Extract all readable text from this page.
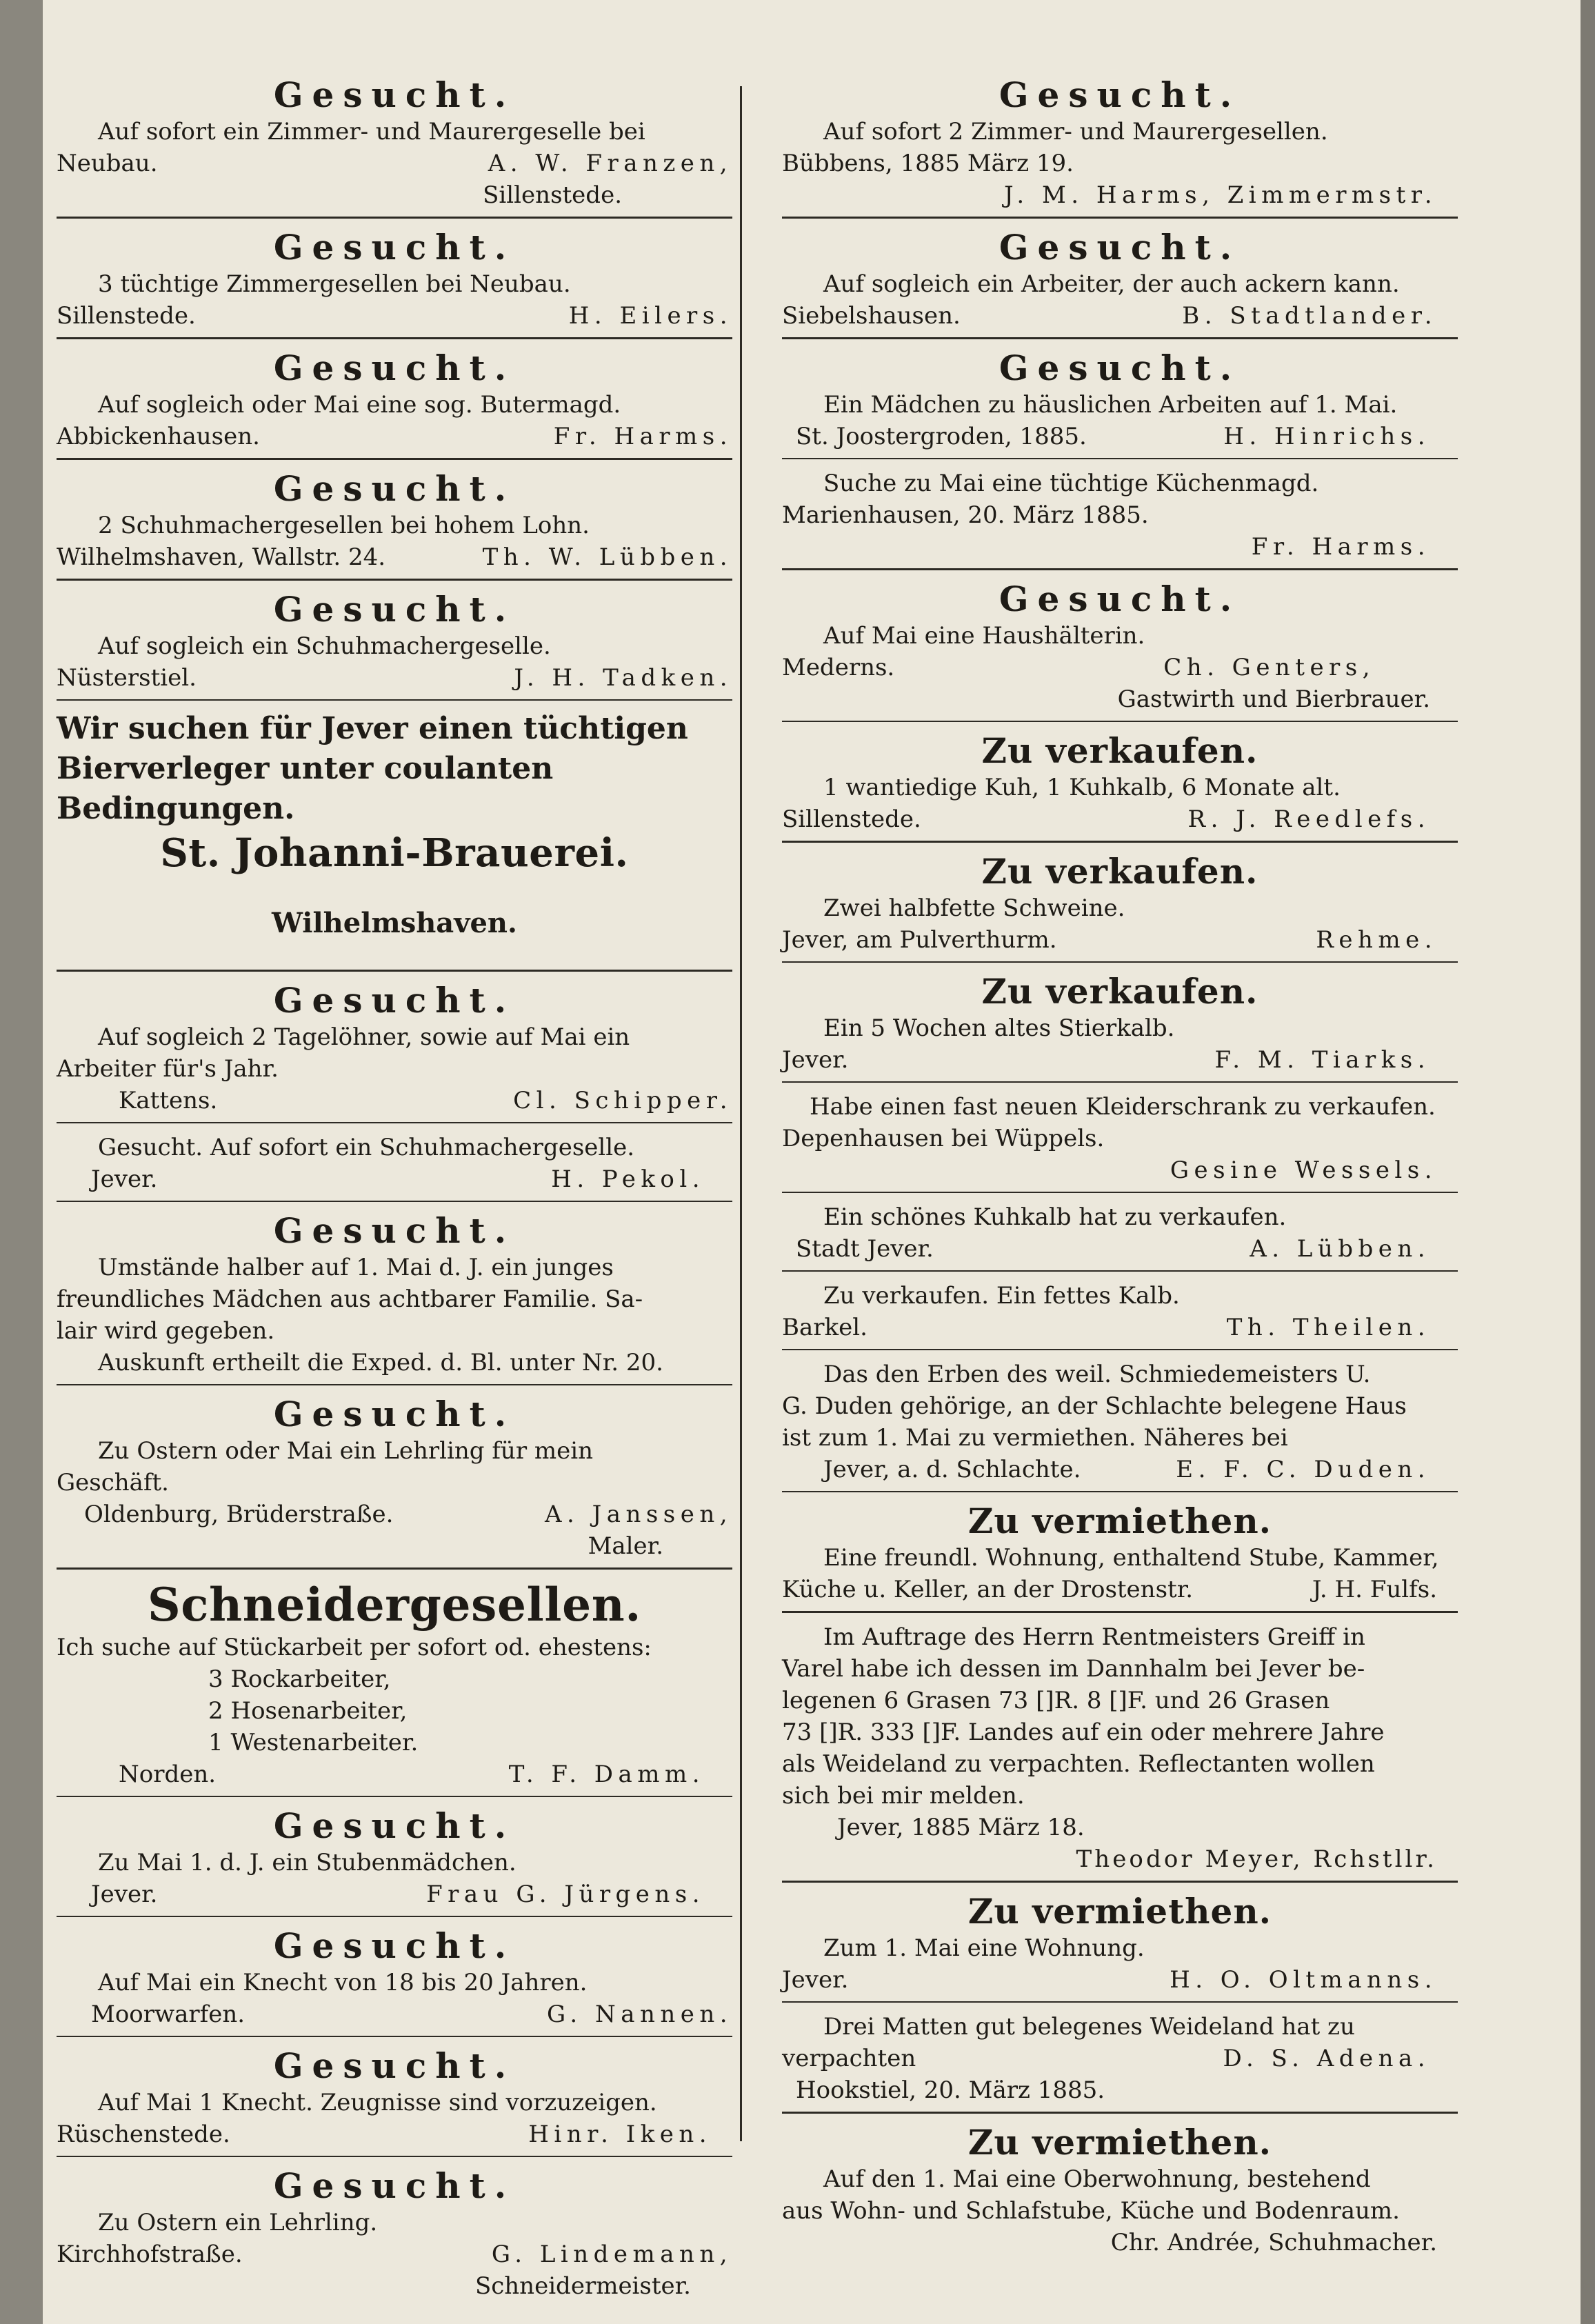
Gesucht.

Auf sofort ein Zimmer- und Maurergeselle bei

Neubau.	A. W. Franzen,
Sillenstede.

Gesucht.

3 tüchtige Zimmergesellen bei Neubau.

Sillenstede.	H. Eilers.

Gesucht.

Auf sogleich oder Mai eine sog. Butermagd.

Abbickenhausen.	Fr. Harms.

Gesucht.

2 Schuhmachergesellen bei hohem Lohn.

Wilhelmshaven, Wallstr. 24.	Th. W. Lübben.

Gesucht.

Auf sogleich ein Schuhmachergeselle.

Nüsterstiel.	J. H. Tadken.
Wir suchen für Jever einen tüchtigen
Bierverleger unter coulanten
Bedingungen.

St. Johanni-Brauerei.

Wilhelmshaven.

Gesucht.

Auf sogleich 2 Tagelöhner, sowie auf Mai ein

Arbeiter für's Jahr.

Kattens.	Cl. Schipper.

Gesucht. Auf sofort ein Schuhmachergeselle.

Jever.	H. Pekol.

Gesucht.

Umstände halber auf 1. Mai d. J. ein junges

freundliches Mädchen aus achtbarer Familie. Sa-

lair wird gegeben.

Auskunft ertheilt die Exped. d. Bl. unter Nr. 20.

Gesucht.

Zu Ostern oder Mai ein Lehrling für mein

Geschäft.

Oldenburg, Brüderstraße.	A. Janssen,
Maler.

Schneidergesellen.

Ich suche auf Stückarbeit per sofort od. ehestens:

3 Rockarbeiter,

2 Hosenarbeiter,

1 Westenarbeiter.

Norden.	T. F. Damm.

Gesucht.

Zu Mai 1. d. J. ein Stubenmädchen.

Jever.	Frau G. Jürgens.

Gesucht.

Auf Mai ein Knecht von 18 bis 20 Jahren.

Moorwarfen.	G. Nannen.

Gesucht.

Auf Mai 1 Knecht. Zeugnisse sind vorzuzeigen.

Rüschenstede.	Hinr. Iken.

Gesucht.

Zu Ostern ein Lehrling.

Kirchhofstraße.	G. Lindemann,
Schneidermeister.

Gesucht.

Auf sofort 2 Zimmer- und Maurergesellen.

Bübbens, 1885 März 19.

J. M. Harms, Zimmermstr.

Gesucht.

Auf sogleich ein Arbeiter, der auch ackern kann.

Siebelshausen.	B. Stadtlander.

Gesucht.

Ein Mädchen zu häuslichen Arbeiten auf 1. Mai.

St. Joostergroden, 1885.	H. Hinrichs.

Suche zu Mai eine tüchtige Küchenmagd.

Marienhausen, 20. März 1885.

Fr. Harms.

Gesucht.

Auf Mai eine Haushälterin.

Mederns.	Ch. Genters,
Gastwirth und Bierbrauer.

Zu verkaufen.

1 wantiedige Kuh, 1 Kuhkalb, 6 Monate alt.

Sillenstede.	R. J. Reedlefs.

Zu verkaufen.

Zwei halbfette Schweine.

Jever, am Pulverthurm.	Rehme.

Zu verkaufen.

Ein 5 Wochen altes Stierkalb.

Jever.	F. M. Tiarks.

Habe einen fast neuen Kleiderschrank zu verkaufen.

Depenhausen bei Wüppels.

Gesine Wessels.

Ein schönes Kuhkalb hat zu verkaufen.

Stadt Jever.	A. Lübben.

Zu verkaufen. Ein fettes Kalb.

Barkel.	Th. Theilen.

Das den Erben des weil. Schmiedemeisters U.

G. Duden gehörige, an der Schlachte belegene Haus

ist zum 1. Mai zu vermiethen. Näheres bei

Jever, a. d. Schlachte.	E. F. C. Duden.

Zu vermiethen.

Eine freundl. Wohnung, enthaltend Stube, Kammer,

Küche u. Keller, an der Drostenstr.	J. H. Fulfs.

Im Auftrage des Herrn Rentmeisters Greiff in

Varel habe ich dessen im Dannhalm bei Jever be-

legenen 6 Grasen 73 []R. 8 []F. und 26 Grasen

73 []R. 333 []F. Landes auf ein oder mehrere Jahre

als Weideland zu verpachten. Reflectanten wollen

sich bei mir melden.

Jever, 1885 März 18.

Theodor Meyer, Rchstllr.

Zu vermiethen.

Zum 1. Mai eine Wohnung.

Jever.	H. O. Oltmanns.

Drei Matten gut belegenes Weideland hat zu

verpachten	D. S. Adena.

Hookstiel, 20. März 1885.

Zu vermiethen.

Auf den 1. Mai eine Oberwohnung, bestehend

aus Wohn- und Schlafstube, Küche und Bodenraum.

Chr. Andrée, Schuhmacher.
